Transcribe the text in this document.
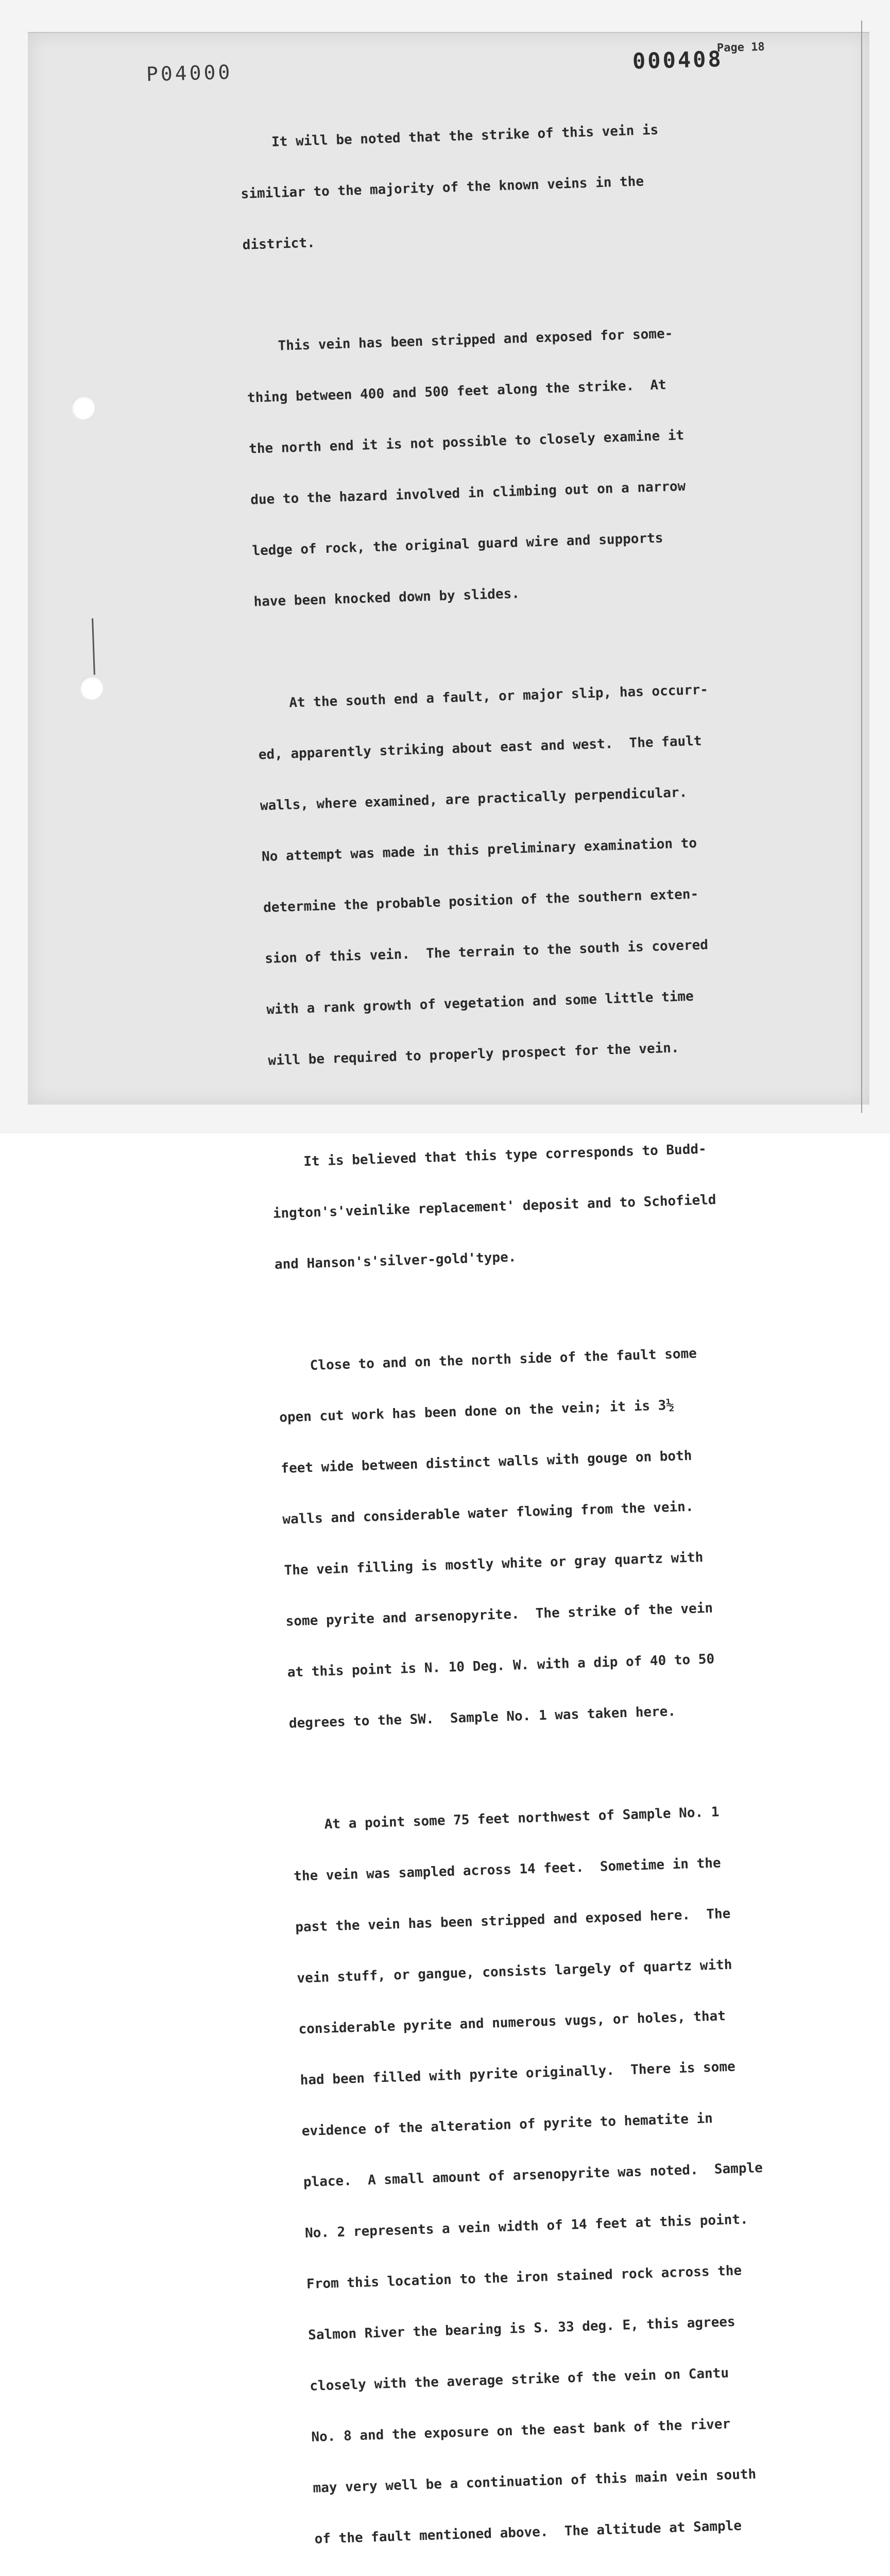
P04000	000408
Page 18

It will be noted that the strike of this vein is

similiar to the majority of the known veins in the

district.

This vein has been stripped and exposed for some-

thing between 400 and 500 feet along the strike.  At

the north end it is not possible to closely examine it

due to the hazard involved in climbing out on a narrow

ledge of rock, the original guard wire and supports

have been knocked down by slides.

At the south end a fault, or major slip, has occurr-

ed, apparently striking about east and west.  The fault

walls, where examined, are practically perpendicular.

No attempt was made in this preliminary examination to

determine the probable position of the southern exten-

sion of this vein.  The terrain to the south is covered

with a rank growth of vegetation and some little time

will be required to properly prospect for the vein.

It is believed that this type corresponds to Budd-

ington's'veinlike replacement' deposit and to Schofield

and Hanson's'silver-gold'type.

Close to and on the north side of the fault some

open cut work has been done on the vein; it is 3½

feet wide between distinct walls with gouge on both

walls and considerable water flowing from the vein.

The vein filling is mostly white or gray quartz with

some pyrite and arsenopyrite.  The strike of the vein

at this point is N. 10 Deg. W. with a dip of 40 to 50

degrees to the SW.  Sample No. 1 was taken here.

At a point some 75 feet northwest of Sample No. 1

the vein was sampled across 14 feet.  Sometime in the

past the vein has been stripped and exposed here.  The

vein stuff, or gangue, consists largely of quartz with

considerable pyrite and numerous vugs, or holes, that

had been filled with pyrite originally.  There is some

evidence of the alteration of pyrite to hematite in

place.  A small amount of arsenopyrite was noted.  Sample

No. 2 represents a vein width of 14 feet at this point.

From this location to the iron stained rock across the

Salmon River the bearing is S. 33 deg. E, this agrees

closely with the average strike of the vein on Cantu

No. 8 and the exposure on the east bank of the river

may very well be a continuation of this main vein south

of the fault mentioned above.  The altitude at Sample
